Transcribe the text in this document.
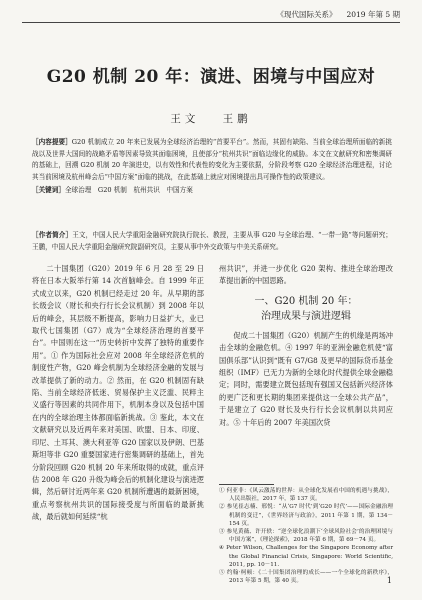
《现代国际关系》 2019 年第 5 期
G20 机制 20 年：演进、困境与中国应对
王文 王鹏
［内容提要］G20 机制成立 20 年来已发展为全球经济治理的“首要平台”。然而，其固有缺陷、当前全球治理所面临的新挑战以及世界大国间的战略矛盾等因素导致其面临困境，且使部分“杭州共识”面临边缘化的威胁。本文在文献研究和密集调研的基础上，回溯 G20 机制 20 年演进史，以有效性和代表性的变化为主要依据，分阶段考察 G20 全球经济治理进程，讨论其当前困境及杭州峰会后“中国方案”面临的挑战，在此基础上就应对困境提出具可操作性的政策建议。
［关键词］全球治理　G20 机制　杭州共识　中国方案
［作者简介］王文，中国人民大学重阳金融研究院执行院长、教授，主要从事 G20 与全球治理、“一带一路”等问题研究；王鹏，中国人民大学重阳金融研究院副研究员，主要从事中外交政策与中美关系研究。

二十国集团（G20）2019 年 6 月 28 至 29 日将在日本大阪举行第 14 次首脑峰会。自 1999 年正式成立以来，G20 机制已经走过 20 年。从早期的部长级会议（财长和央行行长会议机制）到 2008 年以后的峰会，其层级不断提高，影响力日益扩大，业已取代七国集团（G7）成为“全球经济治理的首要平台”。中国则在这一“历史转折中发挥了独特的重要作用”。① 作为国际社会应对 2008 年全球经济危机的制度性产物，G20 峰会机制为全球经济金融的发展与改革提供了新的动力。② 然而，在 G20 机制固有缺陷、当前全球经济低迷、贸易保护主义泛滥、民粹主义盛行等因素的共同作用下，机制本身以及包括中国在内的全球治理主体都面临新挑战。③ 鉴此，本文在文献研究以及近两年来对美国、欧盟、日本、印度、印尼、土耳其、澳大利亚等 G20 国家以及伊朗、巴基斯坦等非 G20 重要国家进行密集调研的基础上，首先分阶段回顾 G20 机制 20 年来所取得的成就，重点评估 2008 年 G20 升级为峰会后的机制化建设与演进逻辑，然后研讨近两年来 G20 机制所遭遇的最新困境，重点考察杭州共识的国际接受度与所面临的最新挑战，最后就如何延续“杭

州共识”，并进一步优化 G20 架构、推进全球治理改革提出新的中国思路。

一、G20 机制 20 年：
治理成果与演进逻辑

促成二十国集团（G20）机制产生的机缘是两场冲击全球的金融危机。④ 1997 年的亚洲金融危机使“富国俱乐部”认识到“既有 G7/G8 及更早的国际货币基金组织（IMF）已无力为新的全球化时代提供全球金融稳定；同时，需要建立既包括现有强国又包括新兴经济体的更广泛和更长期的集团来提供这一全球公共产品”，于是建立了 G20 财长及央行行长会议机制以共同应对。⑤ 十年后的 2007 年美国次贷

① 何亚非：《风云激荡的世界：从全球化发展看中国的机遇与挑战》，人民出版社，2017 年，第 137 页。
② 参见崔志楠、邢悦：“从‘G7 时代’到‘G20 时代’——国际金融治理机制的变迁”，《世界经济与政治》，2011 年第 1 期，第 134－154 页。
③ 参见黄薇、许开轶：“逆全球化浪潮下‘全球风险社会’的治理困境与中国方案”，《理论探索》，2018 年第 6 期，第 69－74 页。
④ Peter Wilson, Challenges for the Singapore Economy after the Global Financial Crisis, Singapore: World Scientific, 2011, pp. 10－11.
⑤ 约翰·柯顿：《二十国集团治理的成长——一个全球化的新秩序》，2013 年第 5 期，第 40 页。	1
